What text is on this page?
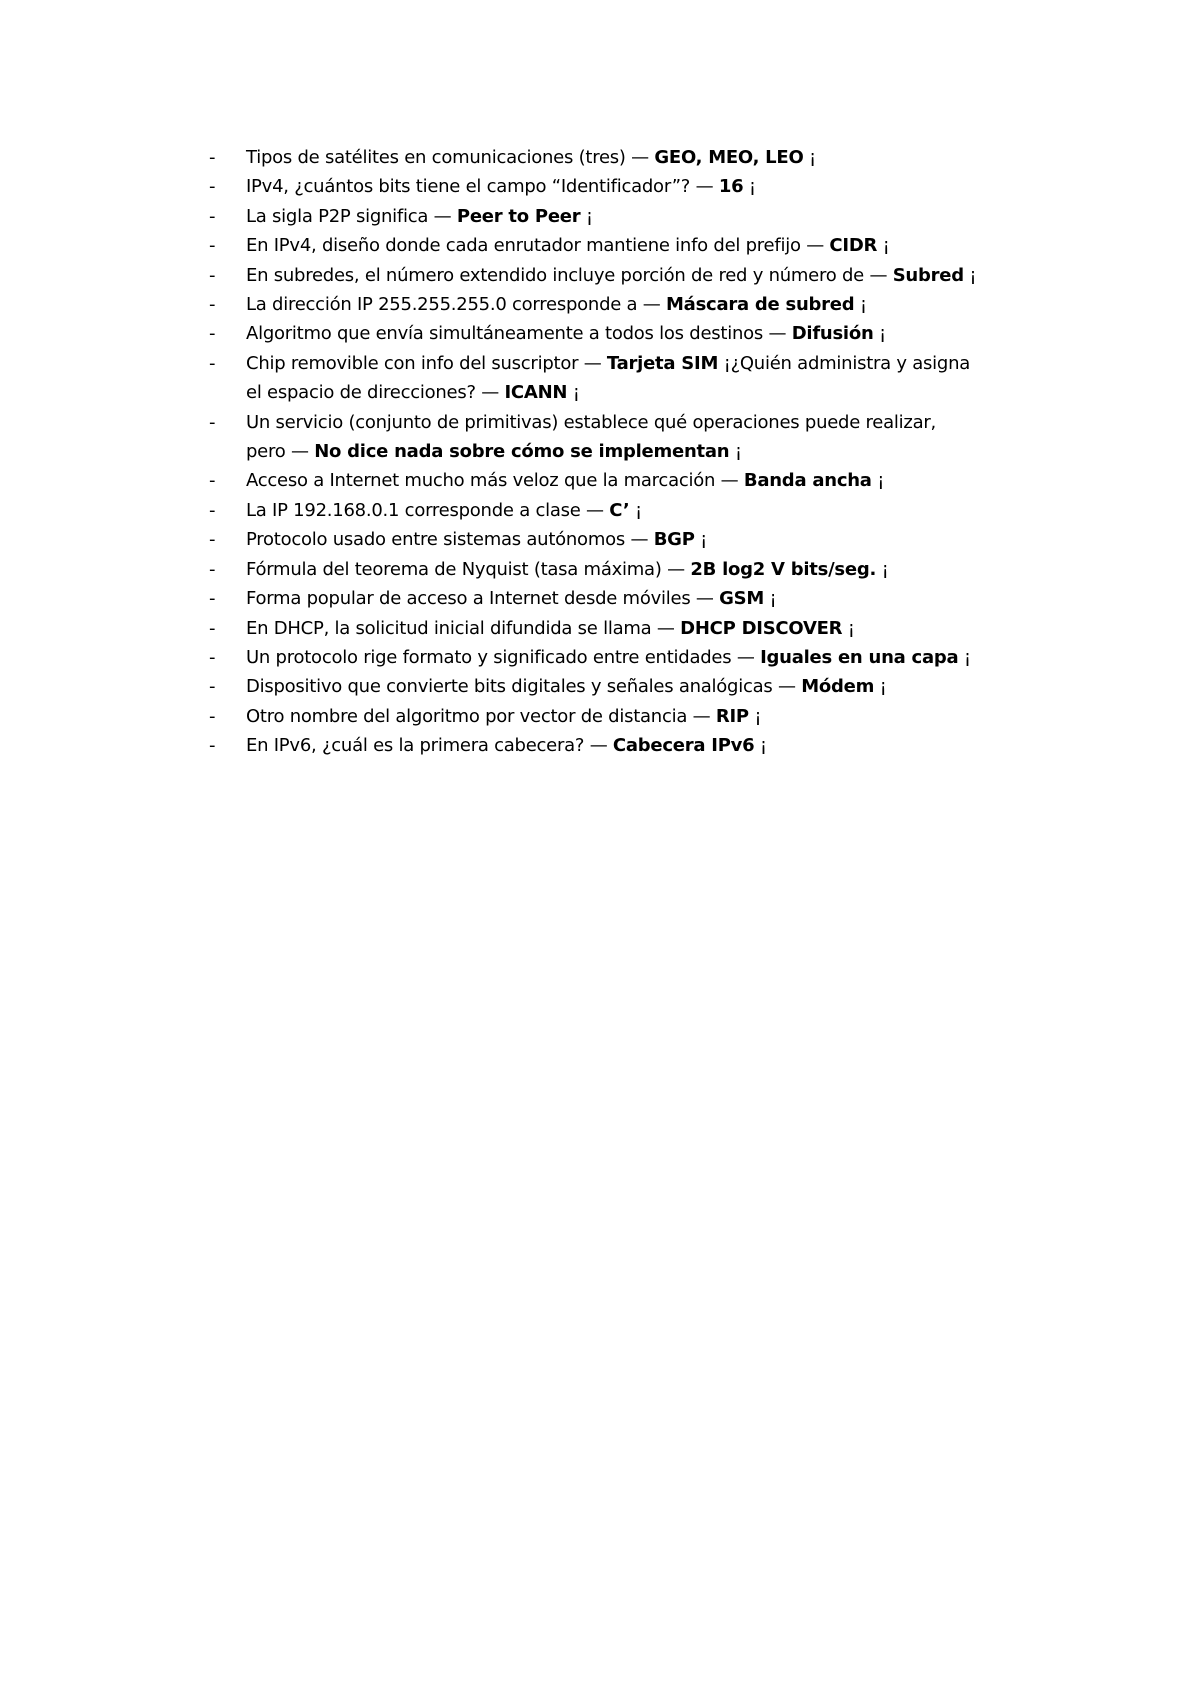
- Tipos de satélites en comunicaciones (tres) — GEO, MEO, LEO ¡
- IPv4, ¿cuántos bits tiene el campo “Identificador”? — 16 ¡
- La sigla P2P significa — Peer to Peer ¡
- En IPv4, diseño donde cada enrutador mantiene info del prefijo — CIDR ¡
- En subredes, el número extendido incluye porción de red y número de — Subred ¡
- La dirección IP 255.255.255.0 corresponde a — Máscara de subred ¡
- Algoritmo que envía simultáneamente a todos los destinos — Difusión ¡
- Chip removible con info del suscriptor — Tarjeta SIM ¡¿Quién administra y asigna
el espacio de direcciones? — ICANN ¡
- Un servicio (conjunto de primitivas) establece qué operaciones puede realizar,
pero — No dice nada sobre cómo se implementan ¡
- Acceso a Internet mucho más veloz que la marcación — Banda ancha ¡
- La IP 192.168.0.1 corresponde a clase — C’ ¡
- Protocolo usado entre sistemas autónomos — BGP ¡
- Fórmula del teorema de Nyquist (tasa máxima) — 2B log2 V bits/seg. ¡
- Forma popular de acceso a Internet desde móviles — GSM ¡
- En DHCP, la solicitud inicial difundida se llama — DHCP DISCOVER ¡
- Un protocolo rige formato y significado entre entidades — Iguales en una capa ¡
- Dispositivo que convierte bits digitales y señales analógicas — Módem ¡
- Otro nombre del algoritmo por vector de distancia — RIP ¡
- En IPv6, ¿cuál es la primera cabecera? — Cabecera IPv6 ¡
